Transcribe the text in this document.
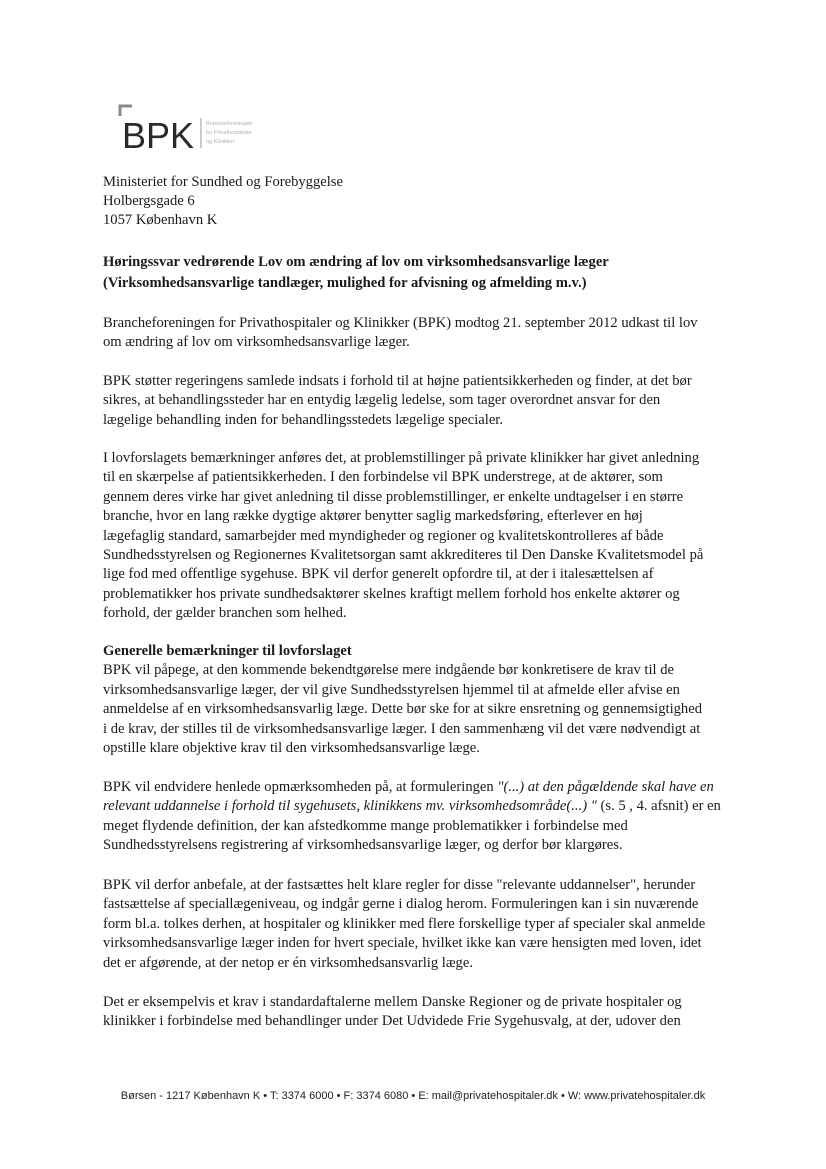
BPK Brancheforeningen
for Privathospitaler
og Klinikker
Ministeriet for Sundhed og Forebyggelse
Holbergsgade 6
1057 København K
Høringssvar vedrørende Lov om ændring af lov om virksomhedsansvarlige læger
(Virksomhedsansvarlige tandlæger, mulighed for afvisning og afmelding m.v.)
Brancheforeningen for Privathospitaler og Klinikker (BPK) modtog 21. september 2012 udkast til lov
om ændring af lov om virksomhedsansvarlige læger.
BPK støtter regeringens samlede indsats i forhold til at højne patientsikkerheden og finder, at det bør
sikres, at behandlingssteder har en entydig lægelig ledelse, som tager overordnet ansvar for den
lægelige behandling inden for behandlingsstedets lægelige specialer.
I lovforslagets bemærkninger anføres det, at problemstillinger på private klinikker har givet anledning
til en skærpelse af patientsikkerheden. I den forbindelse vil BPK understrege, at de aktører, som
gennem deres virke har givet anledning til disse problemstillinger, er enkelte undtagelser i en større
branche, hvor en lang række dygtige aktører benytter saglig markedsføring, efterlever en høj
lægefaglig standard, samarbejder med myndigheder og regioner og kvalitetskontrolleres af både
Sundhedsstyrelsen og Regionernes Kvalitetsorgan samt akkrediteres til Den Danske Kvalitetsmodel på
lige fod med offentlige sygehuse. BPK vil derfor generelt opfordre til, at der i italesættelsen af
problematikker hos private sundhedsaktører skelnes kraftigt mellem forhold hos enkelte aktører og
forhold, der gælder branchen som helhed.
Generelle bemærkninger til lovforslaget
BPK vil påpege, at den kommende bekendtgørelse mere indgående bør konkretisere de krav til de
virksomhedsansvarlige læger, der vil give Sundhedsstyrelsen hjemmel til at afmelde eller afvise en
anmeldelse af en virksomhedsansvarlig læge. Dette bør ske for at sikre ensretning og gennemsigtighed
i de krav, der stilles til de virksomhedsansvarlige læger. I den sammenhæng vil det være nødvendigt at
opstille klare objektive krav til den virksomhedsansvarlige læge.
BPK vil endvidere henlede opmærksomheden på, at formuleringen "(...) at den pågældende skal have en
relevant uddannelse i forhold til sygehusets, klinikkens mv. virksomhedsområde(...) " (s. 5 , 4. afsnit) er en
meget flydende definition, der kan afstedkomme mange problematikker i forbindelse med
Sundhedsstyrelsens registrering af virksomhedsansvarlige læger, og derfor bør klargøres.
BPK vil derfor anbefale, at der fastsættes helt klare regler for disse "relevante uddannelser", herunder
fastsættelse af speciallægeniveau, og indgår gerne i dialog herom. Formuleringen kan i sin nuværende
form bl.a. tolkes derhen, at hospitaler og klinikker med flere forskellige typer af specialer skal anmelde
virksomhedsansvarlige læger inden for hvert speciale, hvilket ikke kan være hensigten med loven, idet
det er afgørende, at der netop er én virksomhedsansvarlig læge.
Det er eksempelvis et krav i standardaftalerne mellem Danske Regioner og de private hospitaler og
klinikker i forbindelse med behandlinger under Det Udvidede Frie Sygehusvalg, at der, udover den
Børsen - 1217 København K • T: 3374 6000 • F: 3374 6080 • E: mail@privatehospitaler.dk • W: www.privatehospitaler.dk
